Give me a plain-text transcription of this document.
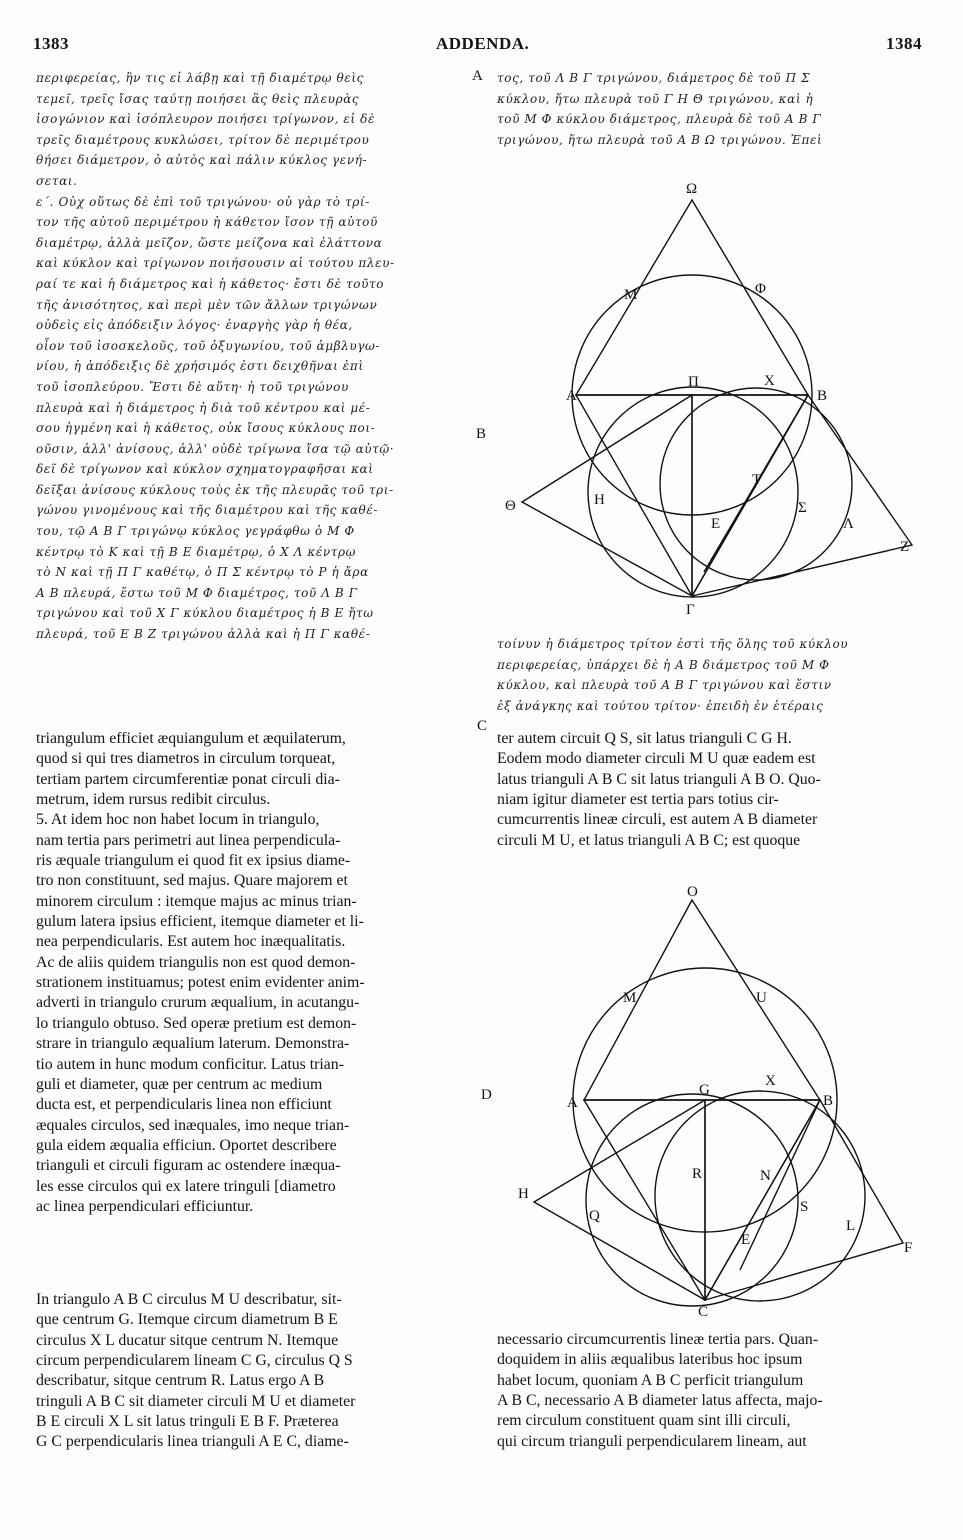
1383	ADDENDA.	1384
A
B
C
D
περιφερείας, ἣν τις εἰ λάβῃ καὶ τῇ διαμέτρῳ θεὶς
τεμεῖ, τρεῖς ἴσας ταύτῃ ποιήσει ἃς θεὶς πλευρὰς
ἰσογώνιον καὶ ἰσόπλευρον ποιήσει τρίγωνον, εἰ δὲ
τρεῖς διαμέτρους κυκλώσει, τρίτον δὲ περιμέτρου
θήσει διάμετρον, ὁ αὐτὸς καὶ πάλιν κύκλος γενή-
σεται.
ε΄. Οὐχ οὕτως δὲ ἐπὶ τοῦ τριγώνου· οὐ γὰρ τὸ τρί-
τον τῆς αὐτοῦ περιμέτρου ἡ κάθετον ἴσον τῇ αὐτοῦ
διαμέτρῳ, ἀλλὰ μεῖζον, ὥστε μείζονα καὶ ἐλάττονα
καὶ κύκλον καὶ τρίγωνον ποιήσουσιν αἱ τούτου πλευ-
ραί τε καὶ ἡ διάμετρος καὶ ἡ κάθετος· ἔστι δὲ τοῦτο
τῆς ἀνισότητος, καὶ περὶ μὲν τῶν ἄλλων τριγώνων
οὐδεὶς εἰς ἀπόδειξιν λόγος· ἐναργὴς γὰρ ἡ θέα,
οἷον τοῦ ἰσοσκελοῦς, τοῦ ὀξυγωνίου, τοῦ ἀμβλυγω-
νίου, ἡ ἀπόδειξις δὲ χρήσιμός ἐστι δειχθῆναι ἐπὶ
τοῦ ἰσοπλεύρου. Ἔστι δὲ αὕτη· ἡ τοῦ τριγώνου
πλευρὰ καὶ ἡ διάμετρος ἡ διὰ τοῦ κέντρου καὶ μέ-
σου ἠγμένη καὶ ἡ κάθετος, οὐκ ἴσους κύκλους ποι-
οῦσιν, ἀλλ' ἀνίσους, ἀλλ' οὐδὲ τρίγωνα ἴσα τῷ αὐτῷ·
δεῖ δὲ τρίγωνον καὶ κύκλον σχηματογραφῆσαι καὶ
δεῖξαι ἀνίσους κύκλους τοὺς ἐκ τῆς πλευρᾶς τοῦ τρι-
γώνου γινομένους καὶ τῆς διαμέτρου καὶ τῆς καθέ-
του, τῷ Α Β Γ τριγώνῳ κύκλος γεγράφθω ὁ Μ Φ
κέντρῳ τὸ Κ καὶ τῇ Β Ε διαμέτρῳ, ὁ Χ Λ κέντρῳ
τὸ Ν καὶ τῇ Π Γ καθέτῳ, ὁ Π Σ κέντρῳ τὸ Ρ ἡ ἄρα
Α Β πλευρά, ἔστω τοῦ Μ Φ διαμέτρος, τοῦ Λ Β Γ
τριγώνου καὶ τοῦ Χ Γ κύκλου διαμέτρος ἡ Β Ε ἤτω
πλευρά, τοῦ Ε Β Ζ τριγώνου ἀλλὰ καὶ ἡ Π Γ καθέ-
triangulum efficiet æquiangulum et æquilaterum,
quod si qui tres diametros in circulum torqueat,
tertiam partem circumferentiæ ponat circuli dia-
metrum, idem rursus redibit circulus.
5. At idem hoc non habet locum in triangulo,
nam tertia pars perimetri aut linea perpendicula-
ris æquale triangulum ei quod fit ex ipsius diame-
tro non constituunt, sed majus. Quare majorem et
minorem circulum : itemque majus ac minus trian-
gulum latera ipsius efficient, itemque diameter et li-
nea perpendicularis. Est autem hoc inæqualitatis.
Ac de aliis quidem triangulis non est quod demon-
strationem instituamus; potest enim evidenter anim-
adverti in triangulo crurum æqualium, in acutangu-
lo triangulo obtuso. Sed operæ pretium est demon-
strare in triangulo æqualium laterum. Demonstra-
tio autem in hunc modum conficitur. Latus trian-
guli et diameter, quæ per centrum ac medium
ducta est, et perpendicularis linea non efficiunt
æquales circulos, sed inæquales, imo neque trian-
gula eidem æqualia efficiun. Oportet describere
trianguli et circuli figuram ac ostendere inæqua-
les esse circulos qui ex latere tringuli [diametro
ac linea perpendiculari efficiuntur.
In triangulo A B C circulus M U describatur, sit-
que centrum G. Itemque circum diametrum B E
circulus X L ducatur sitque centrum N. Itemque
circum perpendicularem lineam C G, circulus Q S
describatur, sitque centrum R. Latus ergo A B
tringuli A B C sit diameter circuli M U et diameter
B E circuli X L sit latus tringuli E B F. Præterea
G C perpendicularis linea trianguli A E C, diame-
τος, τοῦ Λ Β Γ τριγώνου, διάμετρος δὲ τοῦ Π Σ
κύκλου, ἤτω πλευρὰ τοῦ Γ Η Θ τριγώνου, καὶ ἡ
τοῦ Μ Φ κύκλου διάμετρος, πλευρὰ δὲ τοῦ Α Β Γ
τριγώνου, ἤτω πλευρὰ τοῦ Α Β Ω τριγώνου. Ἐπεὶ
τοίνυν ἡ διάμετρος τρίτον ἐστὶ τῆς ὅλης τοῦ κύκλου
περιφερείας, ὑπάρχει δὲ ἡ Α Β διάμετρος τοῦ Μ Φ
κύκλου, καὶ πλευρὰ τοῦ Α Β Γ τριγώνου καὶ ἔστιν
ἐξ ἀνάγκης καὶ τούτου τρίτον· ἐπειδὴ ἐν ἑτέραις
ter autem circuit Q S, sit latus trianguli C G H.
Eodem modo diameter circuli M U quæ eadem est
latus trianguli A B C sit latus trianguli A B O. Quo-
niam igitur diameter est tertia pars totius cir-
cumcurrentis lineæ circuli, est autem A B diameter
circuli M U, et latus trianguli A B C; est quoque
necessario circumcurrentis lineæ tertia pars. Quan-
doquidem in aliis æqualibus lateribus hoc ipsum
habet locum, quoniam A B C perficit triangulum
A B C, necessario A B diameter latus affecta, majo-
rem circulum constituent quam sint illi circuli,
qui circum trianguli perpendicularem lineam, aut
Ω
Μ	Φ
Α
Π	Χ
Β
Θ	Η
Τ
Σ
Ε	Λ
Ζ
Γ
O
M	U
A
G
X
B
H
R	N
Q
S
L
E	F
C
